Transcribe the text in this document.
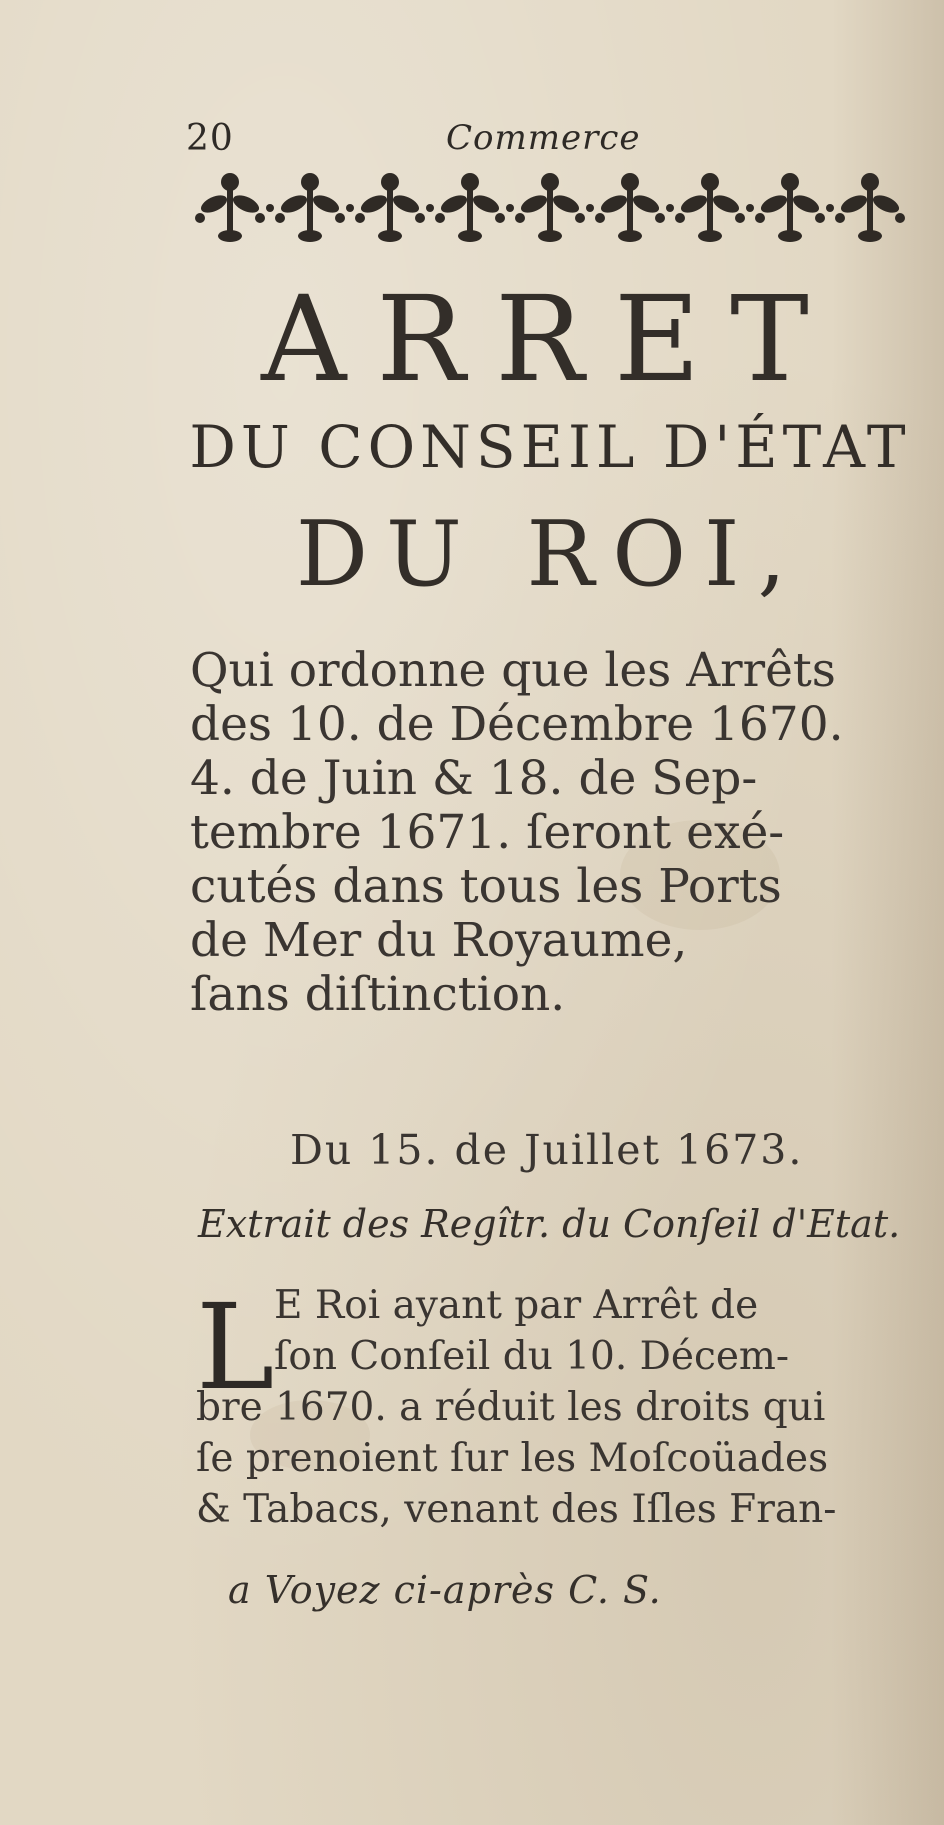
20	Commerce
ARRET
DU CONSEIL D'ÉTAT
DU ROI,

Qui ordonne que les Arrêts
des 10. de Décembre 1670.
4. de Juin & 18. de Sep-
tembre 1671. ſeront exé-
cutés dans tous les Ports
de Mer du Royaume,
ſans diſtinction.

Du 15. de Juillet 1673.
Extrait des Regîtr. du Conſeil d'Etat.
L E Roi ayant par Arrêt de
ſon Conſeil du 10. Décem-
bre 1670. a réduit les droits qui
ſe prenoient ſur les Moſcoüades
& Tabacs, venant des Iſles Fran-
a Voyez ci-après C. S.
